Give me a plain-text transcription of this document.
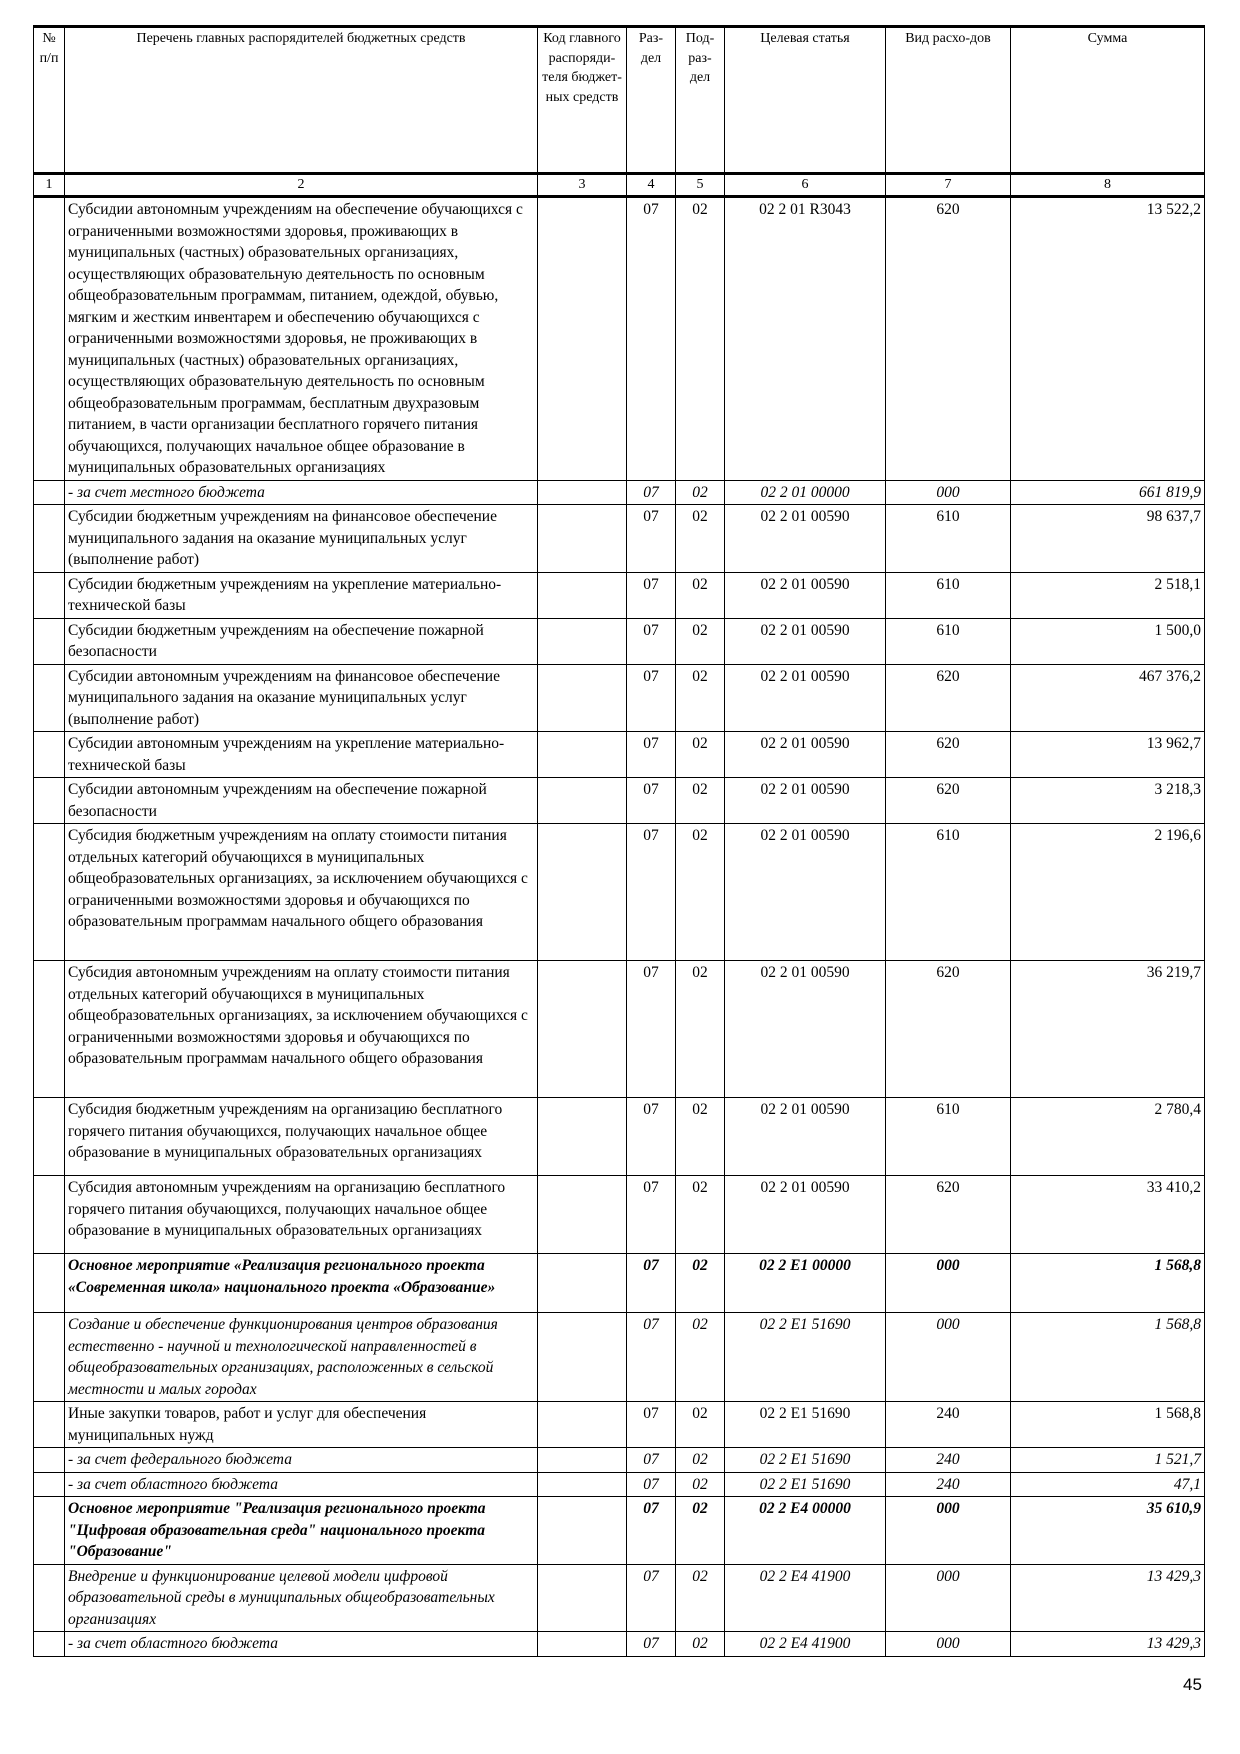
№ п/п	Перечень главных распорядителей бюджетных средств	Код главного распоряди-теля бюджет-ных средств	Раз-дел	Под-раз-дел	Целевая статья	Вид расхо-дов	Сумма
1	2	3	4	5	6	7	8
	Субсидии автономным учреждениям на обеспечение обучающихся с ограниченными возможностями здоровья, проживающих в муниципальных (частных) образовательных организациях, осуществляющих образовательную деятельность по основным общеобразовательным программам, питанием, одеждой, обувью, мягким и жестким инвентарем и обеспечению обучающихся с ограниченными возможностями здоровья, не проживающих в муниципальных (частных) образовательных организациях, осуществляющих образовательную деятельность по основным общеобразовательным программам, бесплатным двухразовым питанием, в части организации бесплатного горячего питания обучающихся, получающих начальное общее образование в муниципальных образовательных организациях		07	02	02 2 01 R3043	620	13 522,2
	- за счет местного бюджета		07	02	02 2 01 00000	000	661 819,9
	Субсидии бюджетным учреждениям на финансовое обеспечение муниципального задания на оказание муниципальных услуг (выполнение работ)		07	02	02 2 01 00590	610	98 637,7
	Субсидии бюджетным учреждениям на укрепление материально-технической базы		07	02	02 2 01 00590	610	2 518,1
	Субсидии бюджетным учреждениям на обеспечение пожарной безопасности		07	02	02 2 01 00590	610	1 500,0
	Субсидии автономным учреждениям на финансовое обеспечение муниципального задания на оказание муниципальных услуг (выполнение работ)		07	02	02 2 01 00590	620	467 376,2
	Субсидии автономным учреждениям на укрепление материально-технической базы		07	02	02 2 01 00590	620	13 962,7
	Субсидии автономным учреждениям на обеспечение пожарной безопасности		07	02	02 2 01 00590	620	3 218,3
	Субсидия бюджетным учреждениям на оплату стоимости питания отдельных категорий обучающихся в муниципальных общеобразовательных организациях, за исключением обучающихся с ограниченными возможностями здоровья и обучающихся по образовательным программам начального общего образования		07	02	02 2 01 00590	610	2 196,6
	Субсидия автономным учреждениям на оплату стоимости питания отдельных категорий обучающихся в муниципальных общеобразовательных организациях, за исключением обучающихся с ограниченными возможностями здоровья и обучающихся по образовательным программам начального общего образования		07	02	02 2 01 00590	620	36 219,7
	Субсидия бюджетным учреждениям на организацию бесплатного горячего питания обучающихся, получающих начальное общее образование в муниципальных образовательных организациях		07	02	02 2 01 00590	610	2 780,4
	Субсидия автономным учреждениям на организацию бесплатного горячего питания обучающихся, получающих начальное общее образование в муниципальных образовательных организациях		07	02	02 2 01 00590	620	33 410,2
	Основное мероприятие «Реализация регионального проекта «Современная школа» национального проекта «Образование»		07	02	02 2 E1 00000	000	1 568,8
	Создание и обеспечение функционирования центров образования естественно - научной и технологической направленностей в общеобразовательных организациях, расположенных в сельской местности и малых городах		07	02	02 2 E1 51690	000	1 568,8
	Иные закупки товаров, работ и услуг для обеспечения муниципальных нужд		07	02	02 2 E1 51690	240	1 568,8
	- за счет федерального бюджета		07	02	02 2 E1 51690	240	1 521,7
	- за счет областного бюджета		07	02	02 2 E1 51690	240	47,1
	Основное мероприятие "Реализация регионального проекта "Цифровая образовательная среда" национального проекта "Образование"		07	02	02 2 E4 00000	000	35 610,9
	Внедрение и функционирование целевой модели цифровой образовательной среды в муниципальных общеобразовательных организациях		07	02	02 2 E4 41900	000	13 429,3
	- за счет областного бюджета		07	02	02 2 E4 41900	000	13 429,3
45
